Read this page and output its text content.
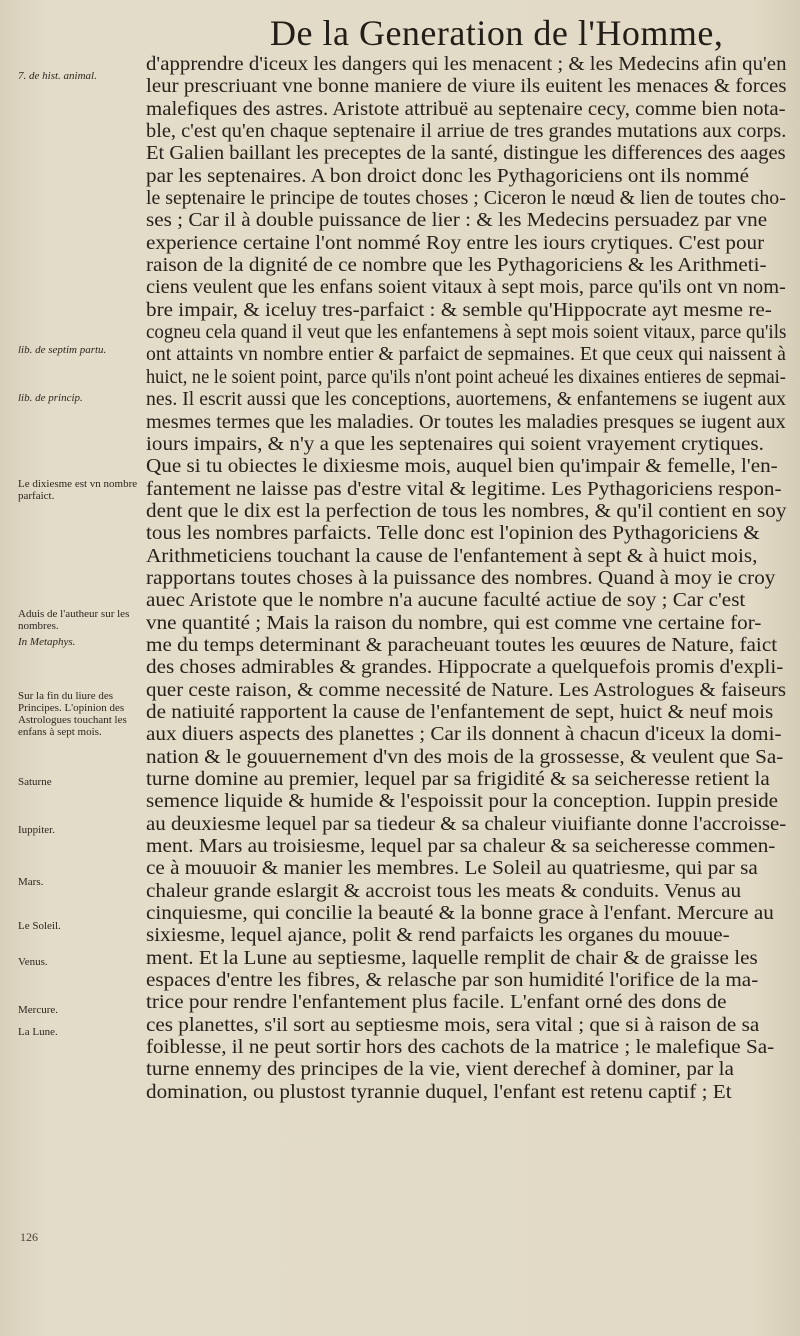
De la Generation de l'Homme,
7. de hist. animal.
lib. de septim partu.
lib. de princip.
Le dixiesme est vn nombre parfaict.
Aduis de l'autheur sur les nombres.
In Metaphys.
Sur la fin du liure des Principes. L'opinion des Astrologues touchant les enfans à sept mois.
Saturne
Iuppiter.
Mars.
Le Soleil.
Venus.
Mercure.
La Lune.
d'apprendre d'iceux les dangers qui les menacent ; & les Medecins afin qu'en
leur prescriuant vne bonne maniere de viure ils euitent les menaces & forces
malefiques des astres. Aristote attribuë au septenaire cecy, comme bien nota-
ble, c'est qu'en chaque septenaire il arriue de tres grandes mutations aux corps.
Et Galien baillant les preceptes de la santé, distingue les differences des aages
par les septenaires. A bon droict donc les Pythagoriciens ont ils nommé
le septenaire le principe de toutes choses ; Ciceron le nœud & lien de toutes cho-
ses ; Car il à double puissance de lier : & les Medecins persuadez par vne
experience certaine l'ont nommé Roy entre les iours crytiques. C'est pour
raison de la dignité de ce nombre que les Pythagoriciens & les Arithmeti-
ciens veulent que les enfans soient vitaux à sept mois, parce qu'ils ont vn nom-
bre impair, & iceluy tres-parfaict : & semble qu'Hippocrate ayt mesme re-
cogneu cela quand il veut que les enfantemens à sept mois soient vitaux, parce qu'ils
ont attaints vn nombre entier & parfaict de sepmaines. Et que ceux qui naissent à
huict, ne le soient point, parce qu'ils n'ont point acheué les dixaines entieres de sepmai-
nes. Il escrit aussi que les conceptions, auortemens, & enfantemens se iugent aux
mesmes termes que les maladies. Or toutes les maladies presques se iugent aux
iours impairs, & n'y a que les septenaires qui soient vrayement crytiques.
Que si tu obiectes le dixiesme mois, auquel bien qu'impair & femelle, l'en-
fantement ne laisse pas d'estre vital & legitime. Les Pythagoriciens respon-
dent que le dix est la perfection de tous les nombres, & qu'il contient en soy
tous les nombres parfaicts. Telle donc est l'opinion des Pythagoriciens &
Arithmeticiens touchant la cause de l'enfantement à sept & à huict mois,
rapportans toutes choses à la puissance des nombres. Quand à moy ie croy
auec Aristote que le nombre n'a aucune faculté actiue de soy ; Car c'est
vne quantité ; Mais la raison du nombre, qui est comme vne certaine for-
me du temps determinant & paracheuant toutes les œuures de Nature, faict
des choses admirables & grandes. Hippocrate a quelquefois promis d'expli-
quer ceste raison, & comme necessité de Nature. Les Astrologues & faiseurs
de natiuité rapportent la cause de l'enfantement de sept, huict & neuf mois
aux diuers aspects des planettes ; Car ils donnent à chacun d'iceux la domi-
nation & le gouuernement d'vn des mois de la grossesse, & veulent que Sa-
turne domine au premier, lequel par sa frigidité & sa seicheresse retient la
semence liquide & humide & l'espoissit pour la conception. Iuppin preside
au deuxiesme lequel par sa tiedeur & sa chaleur viuifiante donne l'accroisse-
ment. Mars au troisiesme, lequel par sa chaleur & sa seicheresse commen-
ce à mouuoir & manier les membres. Le Soleil au quatriesme, qui par sa
chaleur grande eslargit & accroist tous les meats & conduits. Venus au
cinquiesme, qui concilie la beauté & la bonne grace à l'enfant. Mercure au
sixiesme, lequel ajance, polit & rend parfaicts les organes du mouue-
ment. Et la Lune au septiesme, laquelle remplit de chair & de graisse les
espaces d'entre les fibres, & relasche par son humidité l'orifice de la ma-
trice pour rendre l'enfantement plus facile. L'enfant orné des dons de
ces planettes, s'il sort au septiesme mois, sera vital ; que si à raison de sa
foiblesse, il ne peut sortir hors des cachots de la matrice ; le malefique Sa-
turne ennemy des principes de la vie, vient derechef à dominer, par la
domination, ou plustost tyrannie duquel, l'enfant est retenu captif ; Et
126
